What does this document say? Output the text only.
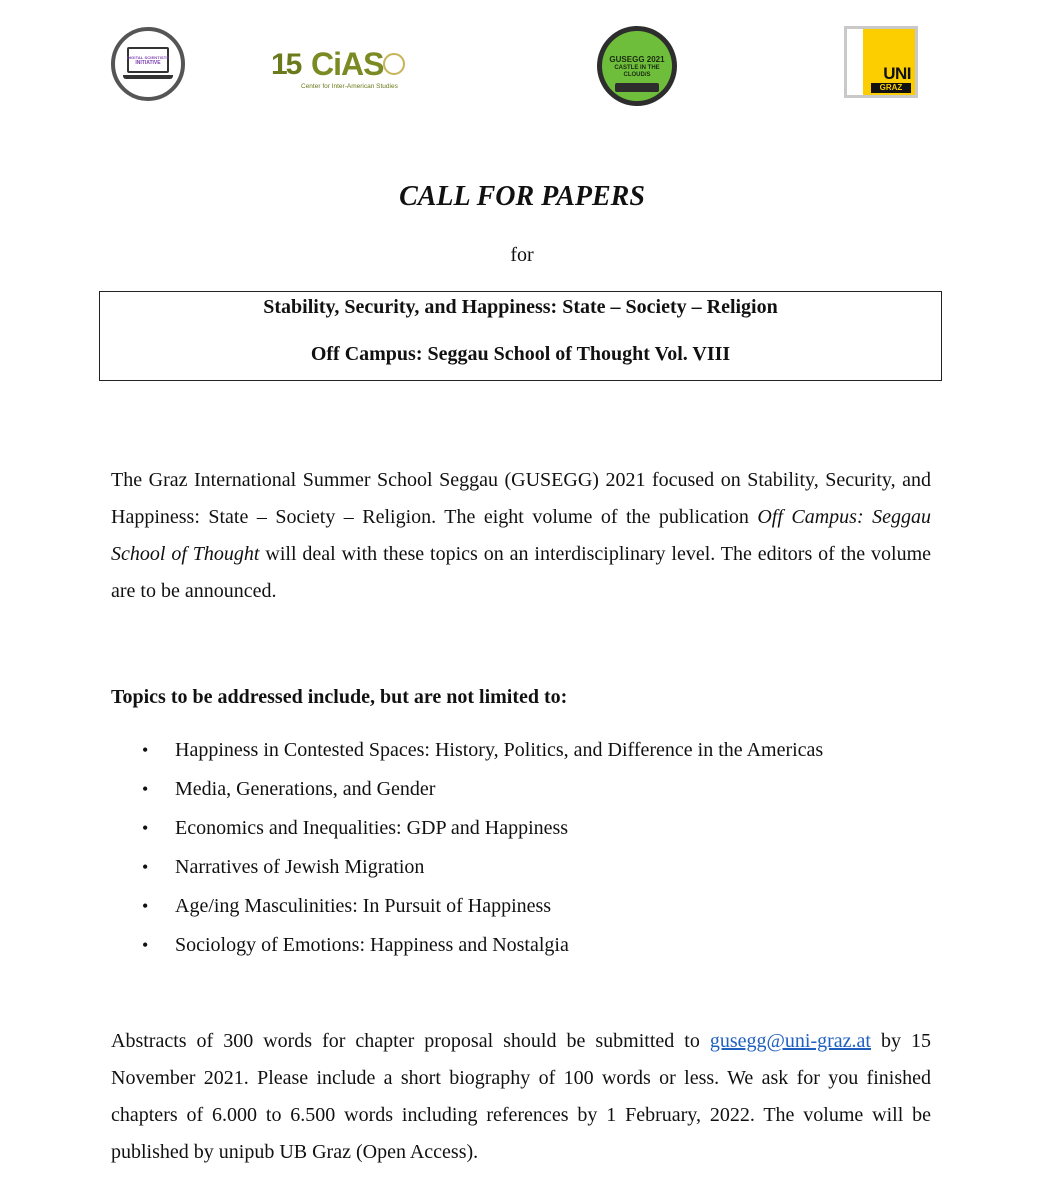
DIGITAL SCIENTISTS
INITIATIVE	15 CiAS
Center for Inter-American Studies
GUSEGG 2021
CASTLE IN THE
CLOUD/S	UNI
GRAZ
CALL FOR PAPERS
for
Stability, Security, and Happiness: State – Society – Religion
Off Campus: Seggau School of Thought Vol. VIII
The Graz International Summer School Seggau (GUSEGG) 2021 focused on Stability, Security, and Happiness: State – Society – Religion. The eight volume of the publication Off Campus: Seggau School of Thought will deal with these topics on an interdisciplinary level. The editors of the volume are to be announced.
Topics to be addressed include, but are not limited to:
• Happiness in Contested Spaces: History, Politics, and Difference in the Americas
• Media, Generations, and Gender
• Economics and Inequalities: GDP and Happiness
• Narratives of Jewish Migration
• Age/ing Masculinities: In Pursuit of Happiness
• Sociology of Emotions: Happiness and Nostalgia
Abstracts of 300 words for chapter proposal should be submitted to gusegg@uni-graz.at by 15 November 2021. Please include a short biography of 100 words or less. We ask for you finished chapters of 6.000 to 6.500 words including references by 1 February, 2022. The volume will be published by unipub UB Graz (Open Access).
